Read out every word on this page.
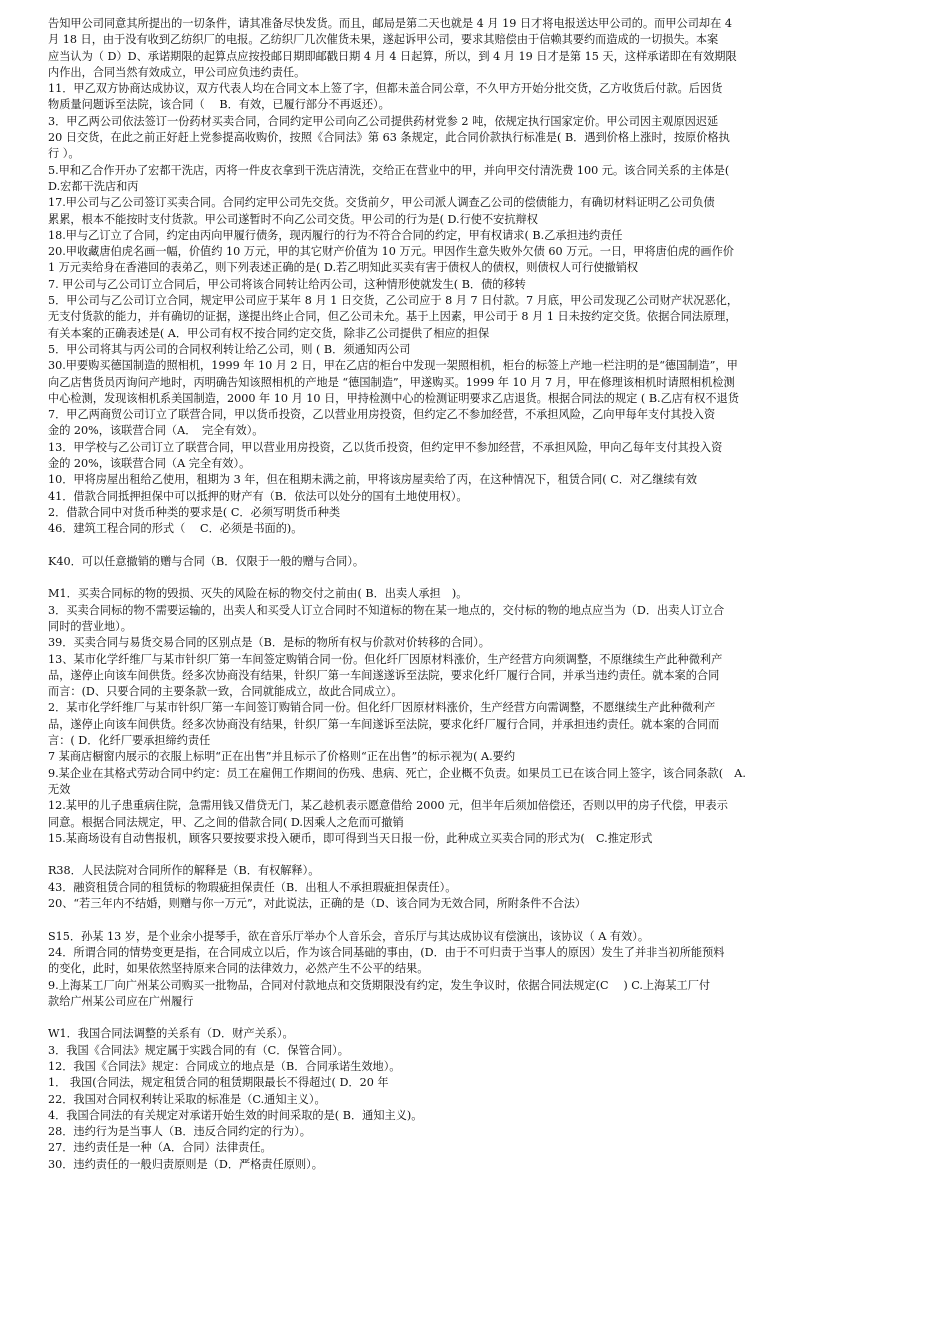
告知甲公司同意其所提出的一切条件，请其准备尽快发货。而且，邮局是第二天也就是 4 月 19 日才将电报送达甲公司的。而甲公司却在 4
月 18 日，由于没有收到乙纺织厂的电报。乙纺织厂几次催货未果，遂起诉甲公司，要求其赔偿由于信赖其要约而造成的一切损失。本案
应当认为（ D）D、承诺期限的起算点应按投邮日期即邮戳日期 4 月 4 日起算，所以，到 4 月 19 日才是第 15 天，这样承诺即在有效期限
内作出，合同当然有效成立，甲公司应负违约责任。
11．甲乙双方协商达成协议，双方代表人均在合同文本上签了字，但都未盖合同公章，不久甲方开始分批交货，乙方收货后付款。后因货
物质量问题诉至法院，该合同（　 B．有效，已履行部分不再返还）。
3．甲乙两公司依法签订一份药材买卖合同，合同约定甲公司向乙公司提供药材党参 2 吨，依规定执行国家定价。甲公司因主观原因迟延
20 日交货，在此之前正好赶上党参提高收购价，按照《合同法》第 63 条规定，此合同价款执行标准是( B．遇到价格上涨时，按原价格执
行 ）。
5.甲和乙合作开办了宏都干洗店，丙将一件皮衣拿到干洗店清洗，交给正在营业中的甲，并向甲交付清洗费 100 元。该合同关系的主体是(
D.宏都干洗店和丙
17.甲公司与乙公司签订买卖合同。合同约定甲公司先交货。交货前夕，甲公司派人调查乙公司的偿债能力，有确切材料证明乙公司负债
累累，根本不能按时支付货款。甲公司遂暂时不向乙公司交货。甲公司的行为是( D.行使不安抗辩权
18.甲与乙订立了合同，约定由丙向甲履行债务，现丙履行的行为不符合合同的约定，甲有权请求( B.乙承担违约责任
20.甲收藏唐伯虎名画一幅，价值约 10 万元，甲的其它财产价值为 10 万元。甲因作生意失败外欠债 60 万元。一日，甲将唐伯虎的画作价
1 万元卖给身在香港回的表弟乙，则下列表述正确的是( D.若乙明知此买卖有害于债权人的债权，则债权人可行使撤销权
7. 甲公司与乙公司订立合同后，甲公司将该合同转让给丙公司，这种情形使就发生( B．债的移转
5．甲公司与乙公司订立合同，规定甲公司应于某年 8 月 1 日交货，乙公司应于 8 月 7 日付款。7 月底，甲公司发现乙公司财产状况恶化，
无支付货款的能力，并有确切的证据，遂提出终止合同，但乙公司未允。基于上因素，甲公司于 8 月 1 日未按约定交货。依据合同法原理，
有关本案的正确表述是( A．甲公司有权不按合同约定交货，除非乙公司提供了相应的担保
5．甲公司将其与丙公司的合同权利转让给乙公司，则 ( B．须通知丙公司
30.甲要购买德国制造的照相机，1999 年 10 月 2 日，甲在乙店的柜台中发现一架照相机，柜台的标签上产地一栏注明的是“德国制造”，甲
向乙店售货员丙询问产地时，丙明确告知该照相机的产地是 “德国制造”，甲遂购买。1999 年 10 月 7 月，甲在修理该相机时请照相机检测
中心检测，发现该相机系美国制造，2000 年 10 月 10 日，甲持检测中心的检测证明要求乙店退货。根据合同法的规定 ( B.乙店有权不退货
7．甲乙两商贸公司订立了联营合同，甲以货币投资，乙以营业用房投资，但约定乙不参加经营，不承担风险，乙向甲每年支付其投入资
金的 20%，该联营合同（A．　完全有效）。
13．甲学校与乙公司订立了联营合同，甲以营业用房投资，乙以货币投资，但约定甲不参加经营，不承担风险，甲向乙每年支付其投入资
金的 20%，该联营合同（A 完全有效）。
10．甲将房屋出租给乙使用，租期为 3 年，但在租期未满之前，甲将该房屋卖给了丙，在这种情况下，租赁合同( C．对乙继续有效
41．借款合同抵押担保中可以抵押的财产有（B．依法可以处分的国有土地使用权）。
2．借款合同中对货币种类的要求是( C．必须写明货币种类
46．建筑工程合同的形式（　 C．必须是书面的)。
K40．可以任意撤销的赠与合同（B．仅限于一般的赠与合同）。
M1．买卖合同标的物的毁损、灭失的风险在标的物交付之前由( B．出卖人承担　)。
3．买卖合同标的物不需要运输的，出卖人和买受人订立合同时不知道标的物在某一地点的，交付标的物的地点应当为（D．出卖人订立合
同时的营业地）。
39．买卖合同与易货交易合同的区别点是（B．是标的物所有权与价款对价转移的合同）。
13、某市化学纤维厂与某市针织厂第一车间签定购销合同一份。但化纤厂因原材料涨价，生产经营方向须调整，不原继续生产此种微利产
品，遂停止向该车间供货。经多次协商没有结果，针织厂第一车间遂遂诉至法院，要求化纤厂履行合同，并承当违约责任。就本案的合同
而言：(D、只要合同的主要条款一致，合同就能成立，故此合同成立）。
2．某市化学纤维厂与某市针织厂第一车间签订购销合同一份。但化纤厂因原材料涨价，生产经营方向需调整，不愿继续生产此种微利产
品，遂停止向该车间供货。经多次协商没有结果，针织厂第一车间遂诉至法院，要求化纤厂履行合同，并承担违约责任。就本案的合同而
言：( D．化纤厂要承担缔约责任
7 某商店橱窗内展示的衣服上标明“正在出售”并且标示了价格则“正在出售”的标示视为( A.要约
9.某企业在其格式劳动合同中约定：员工在雇佣工作期间的伤残、患病、死亡，企业概不负责。如果员工已在该合同上签字，该合同条款(　A.
无效
12.某甲的儿子患重病住院，急需用钱又借贷无门，某乙趁机表示愿意借给 2000 元，但半年后须加倍偿还，否则以甲的房子代偿，甲表示
同意。根据合同法规定，甲、乙之间的借款合同( D.因乘人之危而可撤销
15.某商场设有自动售报机，顾客只要按要求投入硬币，即可得到当天日报一份，此种成立买卖合同的形式为(　C.推定形式
R38．人民法院对合同所作的解释是（B．有权解释）。
43．融资租赁合同的租赁标的物瑕疵担保责任（B．出租人不承担瑕疵担保责任）。
20、“若三年内不结婚，则赠与你一万元”，对此说法，正确的是（D、该合同为无效合同，所附条件不合法）
S15．孙某 13 岁，是个业余小提琴手，欲在音乐厅举办个人音乐会，音乐厅与其达成协议有偿演出，该协议（ A 有效）。
24．所谓合同的情势变更是指，在合同成立以后，作为该合同基础的事由，(D．由于不可归责于当事人的原因）发生了并非当初所能预料
的变化，此时，如果依然坚持原来合同的法律效力，必然产生不公平的结果。
9.上海某工厂向广州某公司购买一批物品，合同对付款地点和交货期限没有约定，发生争议时，依据合同法规定(C　 ) C.上海某工厂付
款给广州某公司应在广州履行
W1．我国合同法调整的关系有（D．财产关系）。
3．我国《合同法》规定属于实践合同的有（C．保管合同）。
12．我国《合同法》规定：合同成立的地点是（B．合同承诺生效地）。
1． 我国(合同法，规定租赁合同的租赁期限最长不得超过( D．20 年
22．我国对合同权利转让采取的标准是（C.通知主义）。
4．我国合同法的有关规定对承诺开始生效的时间采取的是( B．通知主义)。
28．违约行为是当事人（B．违反合同约定的行为）。
27．违约责任是一种（A．合同）法律责任。
30．违约责任的一般归责原则是（D．严格责任原则）。
